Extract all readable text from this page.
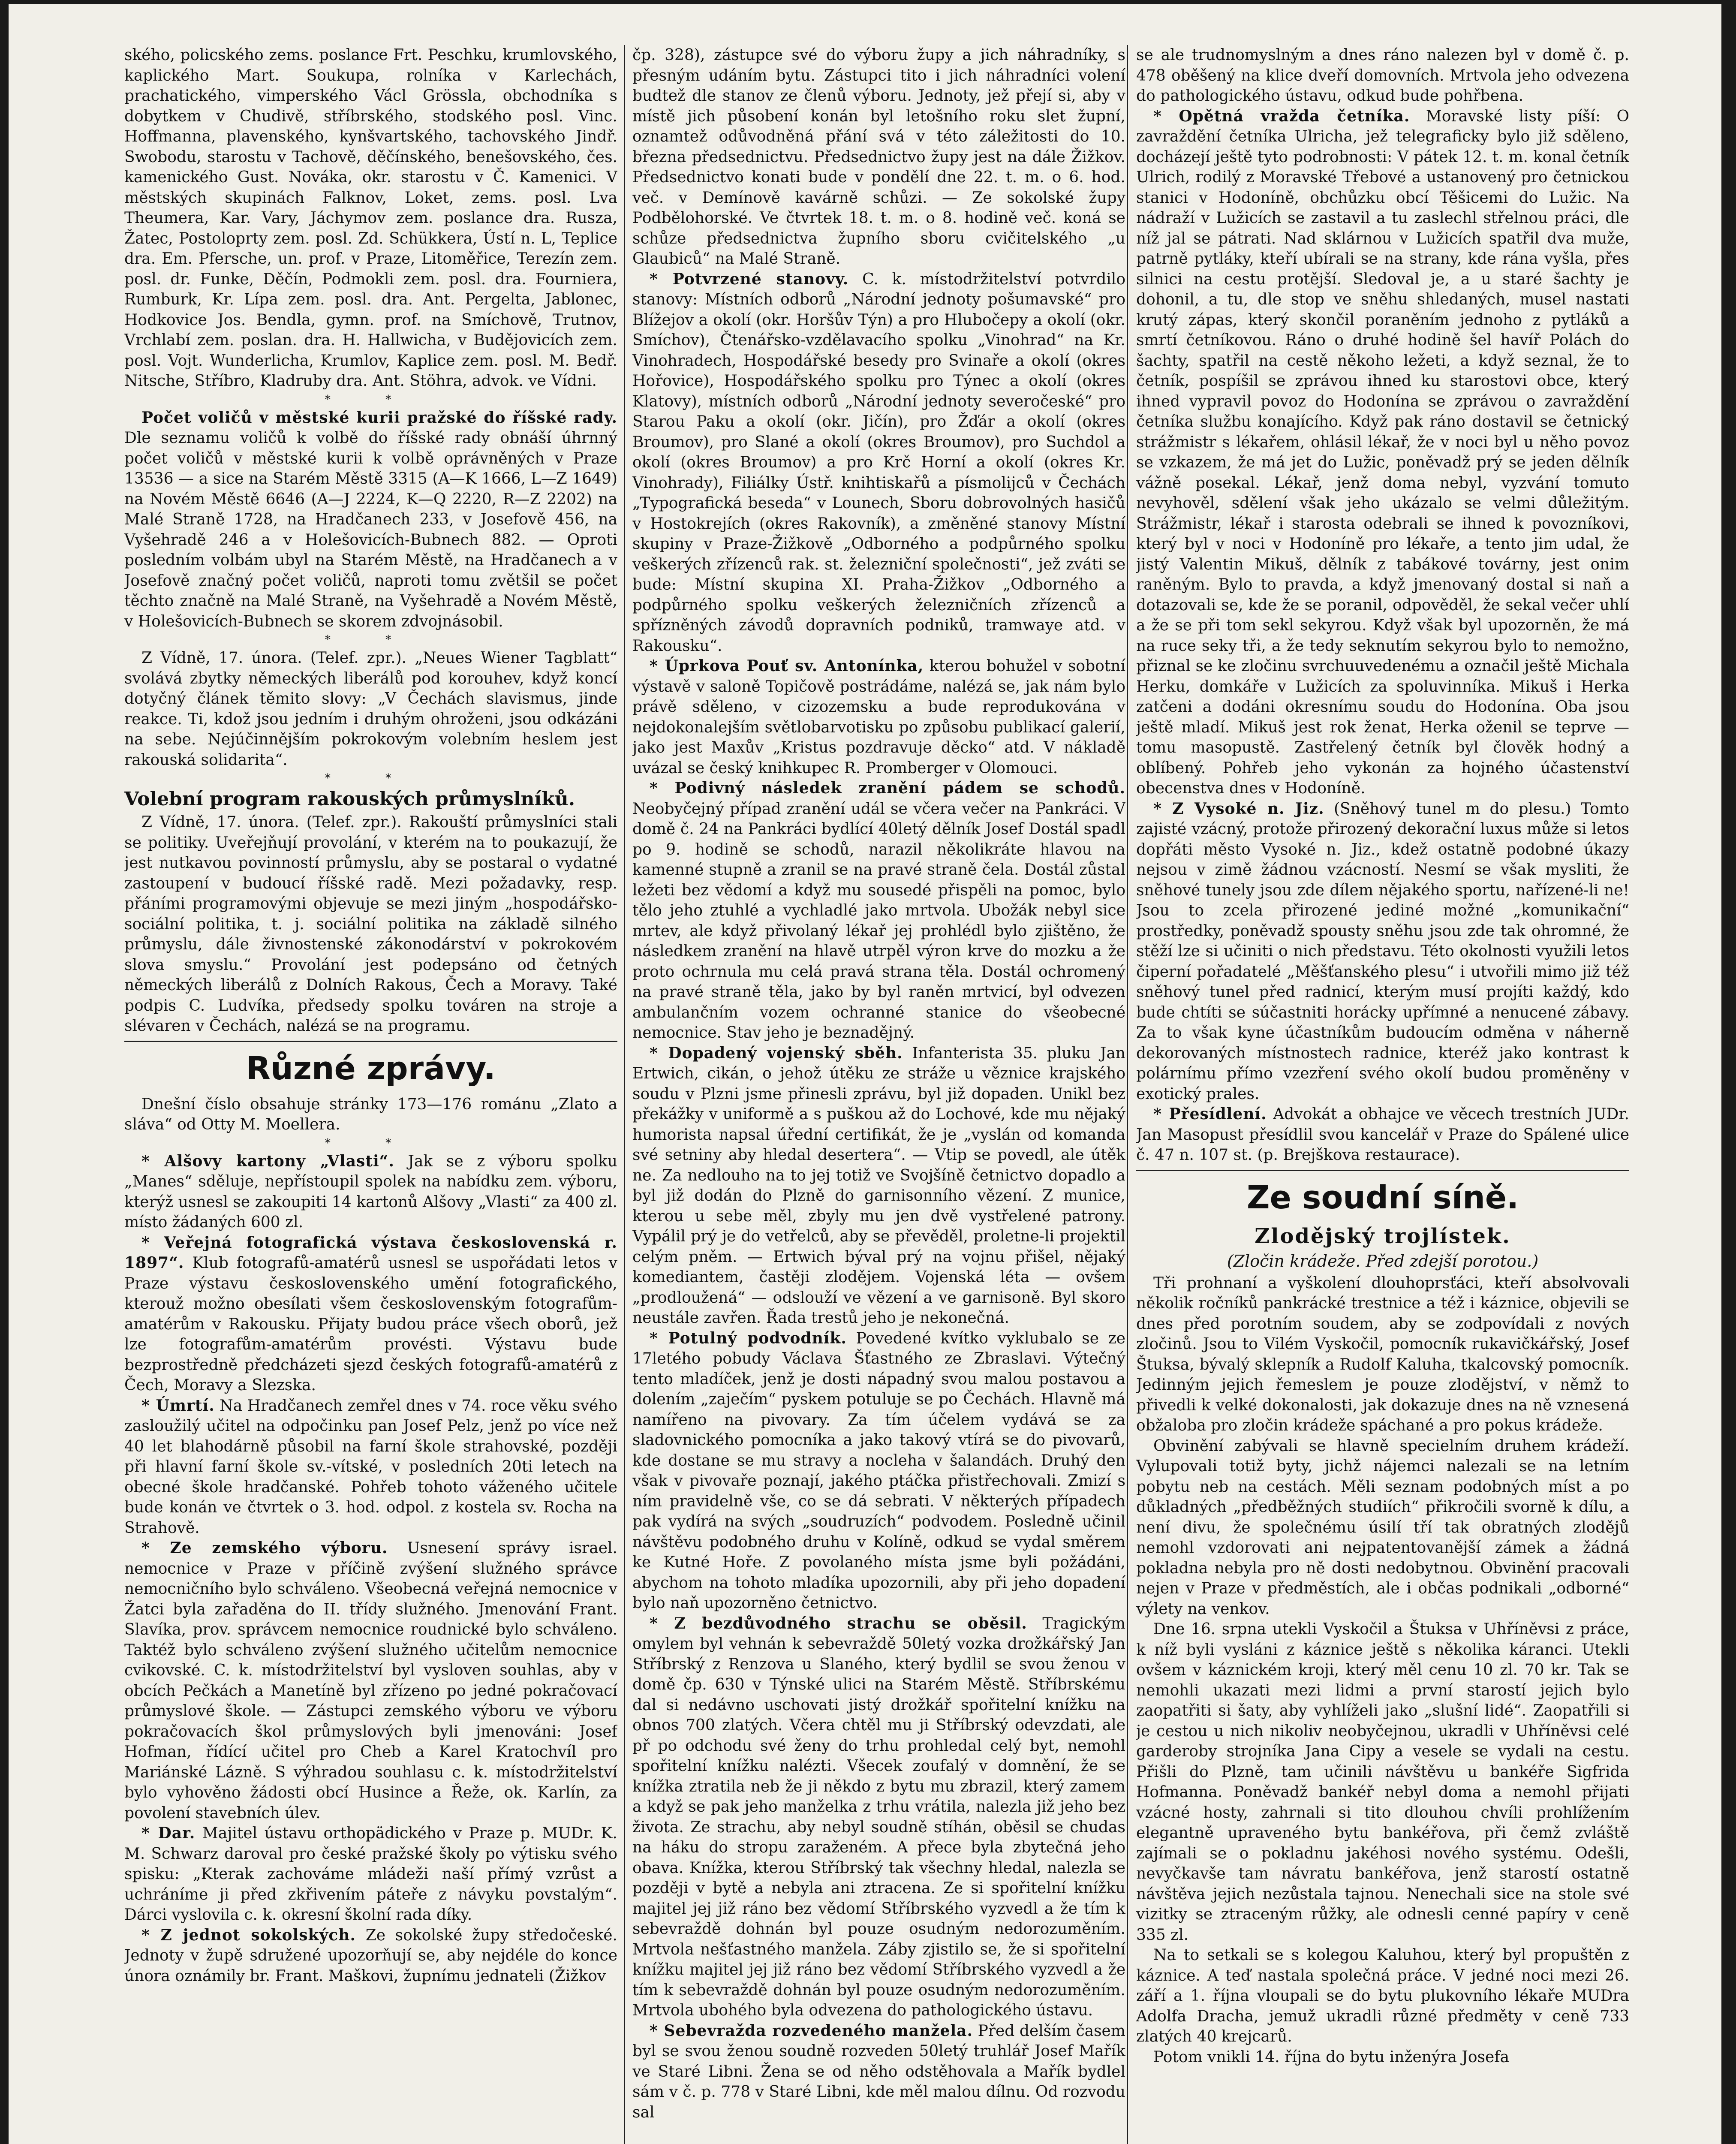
ského, policského zems. poslance Frt. Peschku, krumlovského, kaplického Mart. Soukupa, rolníka v Karlechách, prachatického, vimperského Václ Grössla, obchodníka s dobytkem v Chudivě, stříbrského, stodského posl. Vinc. Hoffmanna, plavenského, kynšvartského, tachovského Jindř. Swobodu, starostu v Tachově, děčínského, benešovského, čes. kamenického Gust. Nováka, okr. starostu v Č. Kamenici. V městských skupinách Falknov, Loket, zems. posl. Lva Theumera, Kar. Vary, Jáchymov zem. poslance dra. Rusza, Žatec, Postoloprty zem. posl. Zd. Schükkera, Ústí n. L, Teplice dra. Em. Pfersche, un. prof. v Praze, Litoměřice, Terezín zem. posl. dr. Funke, Děčín, Podmokli zem. posl. dra. Fourniera, Rumburk, Kr. Lípa zem. posl. dra. Ant. Pergelta, Jablonec, Hodkovice Jos. Bendla, gymn. prof. na Smíchově, Trutnov, Vrchlabí zem. poslan. dra. H. Hallwicha, v Budějovicích zem. posl. Vojt. Wunderlicha, Krumlov, Kaplice zem. posl. M. Bedř. Nitsche, Stříbro, Kladruby dra. Ant. Stöhra, advok. ve Vídni.

* *

Počet voličů v městské kurii pražské do říšské rady. Dle seznamu voličů k volbě do říšské rady obnáší úhrnný počet voličů v městské kurii k volbě oprávněných v Praze 13536 — a sice na Starém Městě 3315 (A—K 1666, L—Z 1649) na Novém Městě 6646 (A—J 2224, K—Q 2220, R—Z 2202) na Malé Straně 1728, na Hradčanech 233, v Josefově 456, na Vyšehradě 246 a v Holešovicích-Bubnech 882. — Oproti posledním volbám ubyl na Starém Městě, na Hradčanech a v Josefově značný počet voličů, naproti tomu zvětšil se počet těchto značně na Malé Straně, na Vyšehradě a Novém Městě, v Holešovicích-Bubnech se skorem zdvojnásobil.

* *

Z Vídně, 17. února. (Telef. zpr.). „Neues Wiener Tagblatt“ svolává zbytky německých liberálů pod korouhev, když koncí dotyčný článek těmito slovy: „V Čechách slavismus, jinde reakce. Ti, kdož jsou jedním i druhým ohroženi, jsou odkázáni na sebe. Nejúčinnějším pokrokovým volebním heslem jest rakouská solidarita“.

* *
Volební program rakouských průmyslníků.

Z Vídně, 17. února. (Telef. zpr.). Rakouští průmyslníci stali se politiky. Uveřejňují provolání, v kterém na to poukazují, že jest nutkavou povinností průmyslu, aby se postaral o vydatné zastoupení v budoucí říšské radě. Mezi požadavky, resp. přáními programovými objevuje se mezi jiným „hospodářsko-sociální politika, t. j. sociální politika na základě silného průmyslu, dále živnostenské zákonodárství v pokrokovém slova smyslu.“ Provolání jest podepsáno od četných německých liberálů z Dolních Rakous, Čech a Moravy. Také podpis C. Ludvíka, předsedy spolku továren na stroje a slévaren v Čechách, nalézá se na programu.

Různé zprávy.

Dnešní číslo obsahuje stránky 173—176 románu „Zlato a sláva“ od Otty M. Moellera.

* *

* Alšovy kartony „Vlasti“. Jak se z výboru spolku „Manes“ sděluje, nepřístoupil spolek na nabídku zem. výboru, kterýž usnesl se zakoupiti 14 kartonů Alšovy „Vlasti“ za 400 zl. místo žádaných 600 zl.

* Veřejná fotografická výstava československá r. 1897“. Klub fotografů-amatérů usnesl se uspořádati letos v Praze výstavu československého umění fotografického, kterouž možno obesílati všem československým fotografům-amatérům v Rakousku. Přijaty budou práce všech oborů, jež lze fotografům-amatérům provésti. Výstavu bude bezprostředně předcházeti sjezd českých fotografů-amatérů z Čech, Moravy a Slezska.

* Úmrtí. Na Hradčanech zemřel dnes v 74. roce věku svého zasloužilý učitel na odpočinku pan Josef Pelz, jenž po více než 40 let blahodárně působil na farní škole strahovské, později při hlavní farní škole sv.-vítské, v posledních 20ti letech na obecné škole hradčanské. Pohřeb tohoto váženého učitele bude konán ve čtvrtek o 3. hod. odpol. z kostela sv. Rocha na Strahově.

* Ze zemského výboru. Usnesení správy israel. nemocnice v Praze v příčině zvýšení služného správce nemocničního bylo schváleno. Všeobecná veřejná nemocnice v Žatci byla zařaděna do II. třídy služného. Jmenování Frant. Slavíka, prov. správcem nemocnice roudnické bylo schváleno. Taktéž bylo schváleno zvýšení služného učitelům nemocnice cvikovské. C. k. místodržitelství byl vysloven souhlas, aby v obcích Pečkách a Manetíně byl zřízeno po jedné pokračovací průmyslové škole. — Zástupci zemského výboru ve výboru pokračovacích škol průmyslových byli jmenováni: Josef Hofman, řídící učitel pro Cheb a Karel Kratochvíl pro Mariánské Lázně. S výhradou souhlasu c. k. místodržitelství bylo vyhověno žádosti obcí Husince a Řeže, ok. Karlín, za povolení stavebních úlev.

* Dar. Majitel ústavu orthopädického v Praze p. MUDr. K. M. Schwarz daroval pro české pražské školy po výtisku svého spisku: „Kterak zachováme mládeži naší přímý vzrůst a uchráníme ji před zkřivením páteře z návyku povstalým“. Dárci vyslovila c. k. okresní školní rada díky.

* Z jednot sokolských. Ze sokolské župy středočeské. Jednoty v župě sdružené upozorňují se, aby nejdéle do konce února oznámily br. Frant. Maškovi, župnímu jednateli (Žižkov

čp. 328), zástupce své do výboru župy a jich náhradníky, s přesným udáním bytu. Zástupci tito i jich náhradníci volení budtež dle stanov ze členů výboru. Jednoty, jež přejí si, aby v místě jich působení konán byl letošního roku slet župní, oznamtež odůvodněná přání svá v této záležitosti do 10. března předsednictvu. Předsednictvo župy jest na dále Žižkov. Předsednictvo konati bude v pondělí dne 22. t. m. o 6. hod. več. v Demínově kavárně schůzi. — Ze sokolské župy Podbělohorské. Ve čtvrtek 18. t. m. o 8. hodině več. koná se schůze předsednictva župního sboru cvičitelského „u Glaubiců“ na Malé Straně.

* Potvrzené stanovy. C. k. místodržitelství potvrdilo stanovy: Místních odborů „Národní jednoty pošumavské“ pro Blížejov a okolí (okr. Horšův Týn) a pro Hlubočepy a okolí (okr. Smíchov), Čtenářsko-vzdělavacího spolku „Vinohrad“ na Kr. Vinohradech, Hospodářské besedy pro Svinaře a okolí (okres Hořovice), Hospodářského spolku pro Týnec a okolí (okres Klatovy), místních odborů „Národní jednoty severočeské“ pro Starou Paku a okolí (okr. Jičín), pro Žďár a okolí (okres Broumov), pro Slané a okolí (okres Broumov), pro Suchdol a okolí (okres Broumov) a pro Krč Horní a okolí (okres Kr. Vinohrady), Filiálky Ústř. knihtiskařů a písmolijců v Čechách „Typografická beseda“ v Lounech, Sboru dobrovolných hasičů v Hostokrejích (okres Rakovník), a změněné stanovy Místní skupiny v Praze-Žižkově „Odborného a podpůrného spolku veškerých zřízenců rak. st. železniční společnosti“, jež zváti se bude: Místní skupina XI. Praha-Žižkov „Odborného a podpůrného spolku veškerých železničních zřízenců a spřízněných závodů dopravních podniků, tramwaye atd. v Rakousku“.

* Úprkova Pouť sv. Antonínka, kterou bohužel v sobotní výstavě v saloně Topičově postrádáme, nalézá se, jak nám bylo právě sděleno, v cizozemsku a bude reprodukována v nejdokonalejším světlobarvotisku po způsobu publikací galerií, jako jest Maxův „Kristus pozdravuje děcko“ atd. V nákladě uvázal se český knihkupec R. Promberger v Olomouci.

* Podivný následek zranění pádem se schodů. Neobyčejný případ zranění udál se včera večer na Pankráci. V domě č. 24 na Pankráci bydlící 40letý dělník Josef Dostál spadl po 9. hodině se schodů, narazil několikráte hlavou na kamenné stupně a zranil se na pravé straně čela. Dostál zůstal ležeti bez vědomí a když mu sousedé přispěli na pomoc, bylo tělo jeho ztuhlé a vychladlé jako mrtvola. Ubožák nebyl sice mrtev, ale když přivolaný lékař jej prohlédl bylo zjištěno, že následkem zranění na hlavě utrpěl výron krve do mozku a že proto ochrnula mu celá pravá strana těla. Dostál ochromený na pravé straně těla, jako by byl raněn mrtvicí, byl odvezen ambulančním vozem ochranné stanice do všeobecné nemocnice. Stav jeho je beznadějný.

* Dopadený vojenský sběh. Infanterista 35. pluku Jan Ertwich, cikán, o jehož útěku ze stráže u věznice krajského soudu v Plzni jsme přinesli zprávu, byl již dopaden. Unikl bez překážky v uniformě a s puškou až do Lochové, kde mu nějaký humorista napsal úřední certifikát, že je „vyslán od komanda své setniny aby hledal desertera“. — Vtip se povedl, ale útěk ne. Za nedlouho na to jej totiž ve Svojšíně četnictvo dopadlo a byl již dodán do Plzně do garnisonního vězení. Z munice, kterou u sebe měl, zbyly mu jen dvě vystřelené patrony. Vypálil prý je do vetřelců, aby se převěděl, proletne-li projektil celým pněm. — Ertwich býval prý na vojnu přišel, nějaký komediantem, častěji zlodějem. Vojenská léta — ovšem „prodloužená“ — odslouží ve vězení a ve garnisoně. Byl skoro neustále zavřen. Řada trestů jeho je nekonečná.

* Potulný podvodník. Povedené kvítko vyklubalo se ze 17letého pobudy Václava Šťastného ze Zbraslavi. Výtečný tento mladíček, jenž je dosti nápadný svou malou postavou a dolením „zaječím“ pyskem potuluje se po Čechách. Hlavně má namířeno na pivovary. Za tím účelem vydává se za sladovnického pomocníka a jako takový vtírá se do pivovarů, kde dostane se mu stravy a nocleha v šalandách. Druhý den však v pivovaře poznají, jakého ptáčka přistřechovali. Zmizí s ním pravidelně vše, co se dá sebrati. V některých případech pak vydírá na svých „soudruzích“ podvodem. Posledně učinil návštěvu podobného druhu v Kolíně, odkud se vydal směrem ke Kutné Hoře. Z povolaného místa jsme byli požádáni, abychom na tohoto mladíka upozornili, aby při jeho dopadení bylo naň upozorněno četnictvo.

* Z bezdůvodného strachu se oběsil. Tragickým omylem byl vehnán k sebevraždě 50letý vozka drožkářský Jan Stříbrský z Renzova u Slaného, který bydlil se svou ženou v domě čp. 630 v Týnské ulici na Starém Městě. Stříbrskému dal si nedávno uschovati jistý drožkář spořitelní knížku na obnos 700 zlatých. Včera chtěl mu ji Stříbrský odevzdati, ale př po odchodu své ženy do trhu prohledal celý byt, nemohl spořitelní knížku nalézti. Všecek zoufalý v domnění, že se knížka ztratila neb že ji někdo z bytu mu zbrazil, který zamem a když se pak jeho manželka z trhu vrátila, nalezla již jeho bez života. Ze strachu, aby nebyl soudně stíhán, oběsil se chudas na háku do stropu zaraženém. A přece byla zbytečná jeho obava. Knížka, kterou Stříbrský tak všechny hledal, nalezla se později v bytě a nebyla ani ztracena. Ze si spořitelní knížku majitel jej již ráno bez vědomí Stříbrského vyzvedl a že tím k sebevraždě dohnán byl pouze osudným nedorozuměním. Mrtvola nešťastného manžela. Záby zjistilo se, že si spořitelní knížku majitel jej již ráno bez vědomí Stříbrského vyzvedl a že tím k sebevraždě dohnán byl pouze osudným nedorozuměním. Mrtvola ubohého byla odvezena do pathologického ústavu.

* Sebevražda rozvedeného manžela. Před delším časem byl se svou ženou soudně rozveden 50letý truhlář Josef Mařík ve Staré Libni. Žena se od něho odstěhovala a Mařík bydlel sám v č. p. 778 v Staré Libni, kde měl malou dílnu. Od rozvodu sal

se ale trudnomyslným a dnes ráno nalezen byl v domě č. p. 478 oběšený na klice dveří domovních. Mrtvola jeho odvezena do pathologického ústavu, odkud bude pohřbena.

* Opětná vražda četníka. Moravské listy píší: O zavraždění četníka Ulricha, jež telegraficky bylo již sděleno, docházejí ještě tyto podrobnosti: V pátek 12. t. m. konal četník Ulrich, rodilý z Moravské Třebové a ustanovený pro četnickou stanici v Hodoníně, obchůzku obcí Těšicemi do Lužic. Na nádraží v Lužicích se zastavil a tu zaslechl střelnou práci, dle níž jal se pátrati. Nad sklárnou v Lužicích spatřil dva muže, patrně pytláky, kteří ubírali se na strany, kde rána vyšla, přes silnici na cestu protější. Sledoval je, a u staré šachty je dohonil, a tu, dle stop ve sněhu shledaných, musel nastati krutý zápas, který skončil poraněním jednoho z pytláků a smrtí četníkovou. Ráno o druhé hodině šel havíř Polách do šachty, spatřil na cestě někoho ležeti, a když seznal, že to četník, pospíšil se zprávou ihned ku starostovi obce, který ihned vypravil povoz do Hodonína se zprávou o zavraždění četníka službu konajícího. Když pak ráno dostavil se četnický strážmistr s lékařem, ohlásil lékař, že v noci byl u něho povoz se vzkazem, že má jet do Lužic, poněvadž prý se jeden dělník vážně posekal. Lékař, jenž doma nebyl, vyzvání tomuto nevyhověl, sdělení však jeho ukázalo se velmi důležitým. Strážmistr, lékař i starosta odebrali se ihned k povozníkovi, který byl v noci v Hodoníně pro lékaře, a tento jim udal, že jistý Valentin Mikuš, dělník z tabákové továrny, jest onim raněným. Bylo to pravda, a když jmenovaný dostal si naň a dotazovali se, kde že se poranil, odpověděl, že sekal večer uhlí a že se při tom sekl sekyrou. Když však byl upozorněn, že má na ruce seky tři, a že tedy seknutím sekyrou bylo to nemožno, přiznal se ke zločinu svrchuuvedenému a označil ještě Michala Herku, domkáře v Lužicích za spoluvinníka. Mikuš i Herka zatčeni a dodáni okresnímu soudu do Hodonína. Oba jsou ještě mladí. Mikuš jest rok ženat, Herka oženil se teprve — tomu masopustě. Zastřelený četník byl člověk hodný a oblíbený. Pohřeb jeho vykonán za hojného účastenství obecenstva dnes v Hodoníně.

* Z Vysoké n. Jiz. (Sněhový tunel m do plesu.) Tomto zajisté vzácný, protože přirozený dekorační luxus může si letos dopřáti město Vysoké n. Jiz., kdež ostatně podobné úkazy nejsou v zimě žádnou vzácností. Nesmí se však mysliti, že sněhové tunely jsou zde dílem nějakého sportu, nařízené-li ne! Jsou to zcela přirozené jediné možné „komunikační“ prostředky, poněvadž spousty sněhu jsou zde tak ohromné, že stěží lze si učiniti o nich představu. Této okolnosti využili letos čiperní pořadatelé „Měšťanského plesu“ i utvořili mimo již též sněhový tunel před radnicí, kterým musí projíti každý, kdo bude chtíti se súčastniti horácky upřímné a nenucené zábavy. Za to však kyne účastníkům budoucím odměna v náherně dekorovaných místnostech radnice, kteréž jako kontrast k polárnímu přímo vzezření svého okolí budou proměněny v exotický prales.

* Přesídlení. Advokát a obhajce ve věcech trestních JUDr. Jan Masopust přesídlil svou kancelář v Praze do Spálené ulice č. 47 n. 107 st. (p. Brejškova restaurace).

Ze soudní síně.
Zlodějský trojlístek.
(Zločin krádeže. Před zdejší porotou.)

Tři prohnaní a vyškolení dlouhoprsťáci, kteří absolvovali několik ročníků pankrácké trestnice a též i káznice, objevili se dnes před porotním soudem, aby se zodpovídali z nových zločinů. Jsou to Vilém Vyskočil, pomocník rukavičkářský, Josef Štuksa, bývalý sklepník a Rudolf Kaluha, tkalcovský pomocník. Jedinným jejich řemeslem je pouze zlodějství, v němž to přivedli k velké dokonalosti, jak dokazuje dnes na ně vznesená obžaloba pro zločin krádeže spáchané a pro pokus krádeže.

Obvinění zabývali se hlavně specielním druhem krádeží. Vylupovali totiž byty, jichž nájemci nalezali se na letním pobytu neb na cestách. Měli seznam podobných míst a po důkladných „předběžných studiích“ přikročili svorně k dílu, a není divu, že společnému úsilí tří tak obratných zlodějů nemohl vzdorovati ani nejpatentovanější zámek a žádná pokladna nebyla pro ně dosti nedobytnou. Obvinění pracovali nejen v Praze v předměstích, ale i občas podnikali „odborné“ výlety na venkov.

Dne 16. srpna utekli Vyskočil a Štuksa v Uhříněvsi z práce, k níž byli vysláni z káznice ještě s několika káranci. Utekli ovšem v káznickém kroji, který měl cenu 10 zl. 70 kr. Tak se nemohli ukazati mezi lidmi a první starostí jejich bylo zaopatřiti si šaty, aby vyhlíželi jako „slušní lidé“. Zaopatřili si je cestou u nich nikoliv neobyčejnou, ukradli v Uhříněvsi celé garderoby strojníka Jana Cipy a vesele se vydali na cestu. Přišli do Plzně, tam učinili návštěvu u bankéře Sigfrida Hofmanna. Poněvadž bankéř nebyl doma a nemohl přijati vzácné hosty, zahrnali si tito dlouhou chvíli prohlížením elegantně upraveného bytu bankéřova, při čemž zvláště zajímali se o pokladnu jakéhosi nového systému. Odešli, nevyčkavše tam návratu bankéřova, jenž starostí ostatně návštěva jejich nezůstala tajnou. Nenechali sice na stole své vizitky se ztraceným růžky, ale odnesli cenné papíry v ceně 335 zl.

Na to setkali se s kolegou Kaluhou, který byl propuštěn z káznice. A teď nastala společná práce. V jedné noci mezi 26. září a 1. října vloupali se do bytu plukovního lékaře MUDra Adolfa Dracha, jemuž ukradli různé předměty v ceně 733 zlatých 40 krejcarů.

Potom vnikli 14. října do bytu inženýra Josefa
